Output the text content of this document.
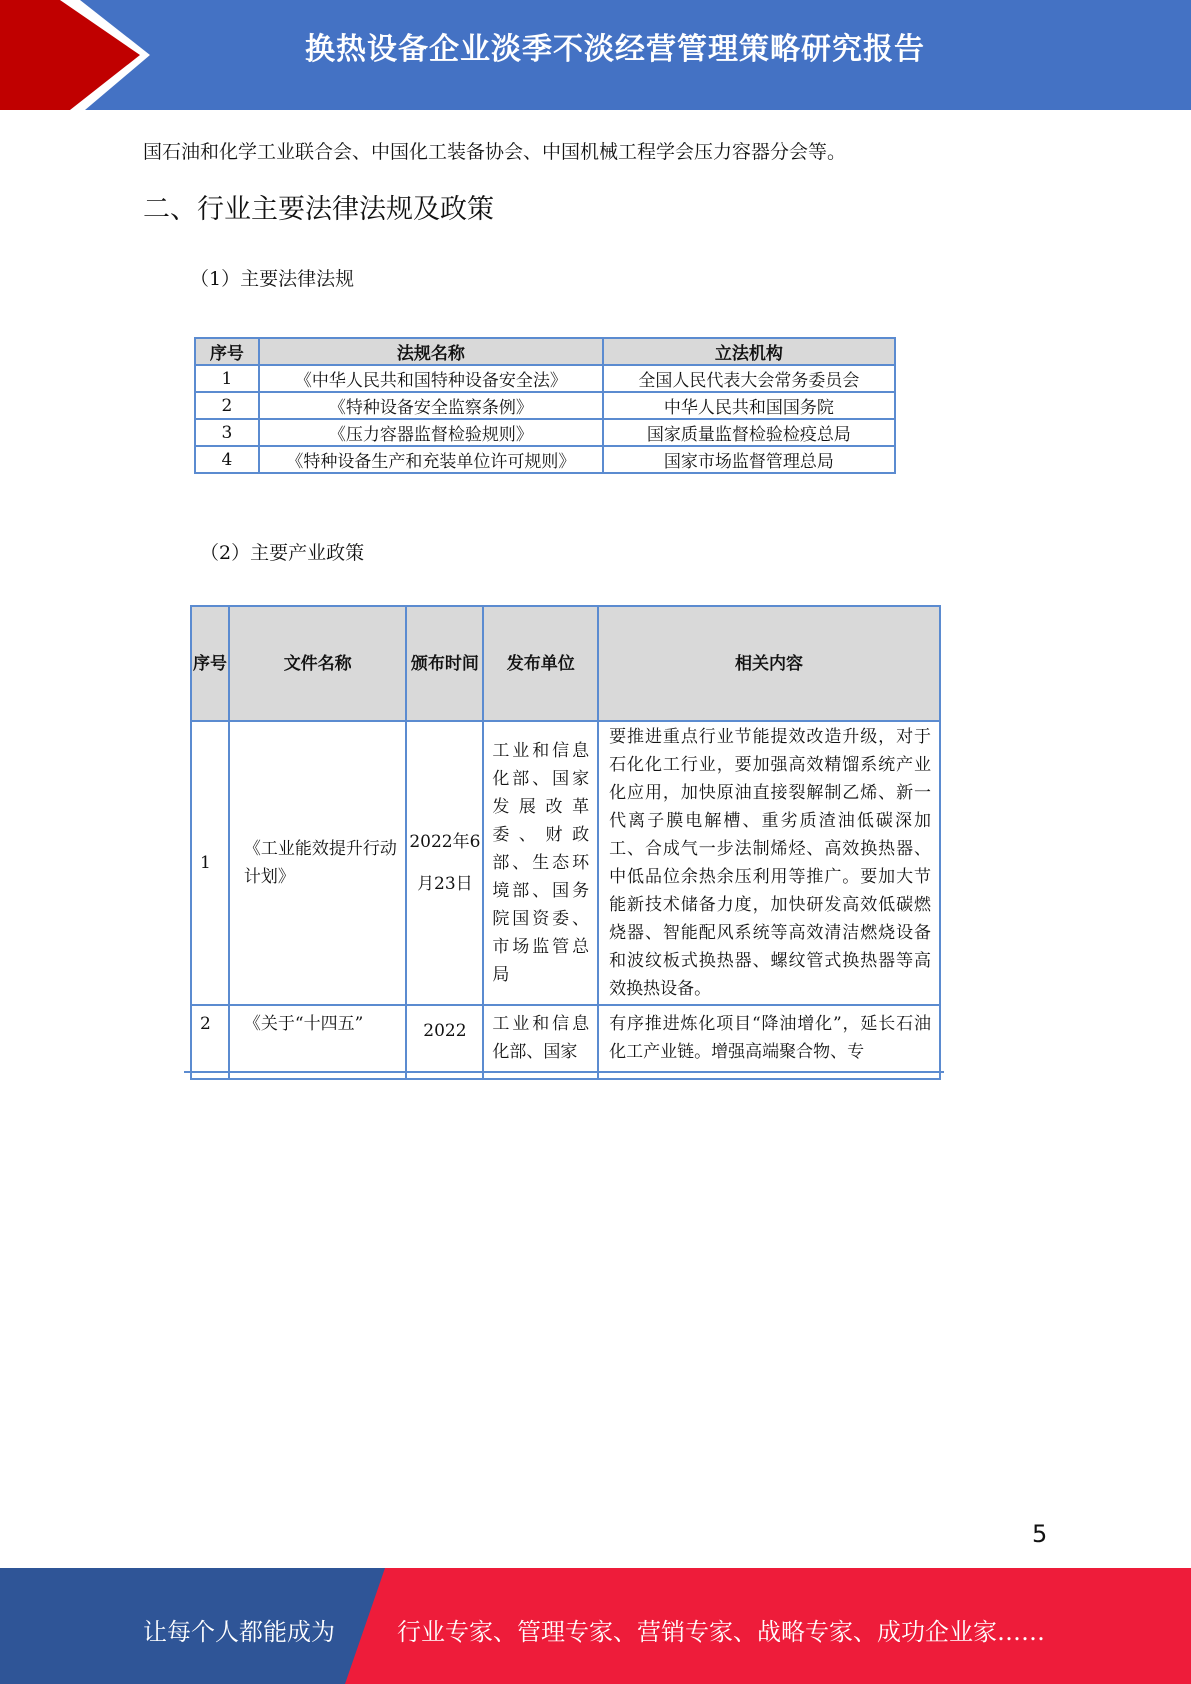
换热设备企业淡季不淡经营管理策略研究报告
国石油和化学工业联合会、中国化工装备协会、中国机械工程学会压力容器分会等。
二、行业主要法律法规及政策
（1）主要法律法规
序号	法规名称	立法机构
1	《中华人民共和国特种设备安全法》	全国人民代表大会常务委员会
2	《特种设备安全监察条例》	中华人民共和国国务院
3	《压力容器监督检验规则》	国家质量监督检验检疫总局
4	《特种设备生产和充装单位许可规则》	国家市场监督管理总局
（2）主要产业政策
序号	文件名称	颁布时间	发布单位	相关内容
1	《工业能效提升行动计划》	2022年6月23日	工业和信息化部、国家发展改革委、财政部、生态环境部、国务院国资委、市场监管总局	要推进重点行业节能提效改造升级，对于石化化工行业，要加强高效精馏系统产业化应用，加快原油直接裂解制乙烯、新一代离子膜电解槽、重劣质渣油低碳深加工、合成气一步法制烯烃、高效换热器、中低品位余热余压利用等推广。要加大节能新技术储备力度，加快研发高效低碳燃烧器、智能配风系统等高效清洁燃烧设备和波纹板式换热器、螺纹管式换热器等高效换热设备。
2	《关于“十四五”	2022	工业和信息化部、国家	有序推进炼化项目“降油增化”，延长石油化工产业链。增强高端聚合物、专
5
让每个人都能成为	行业专家、管理专家、营销专家、战略专家、成功企业家……
